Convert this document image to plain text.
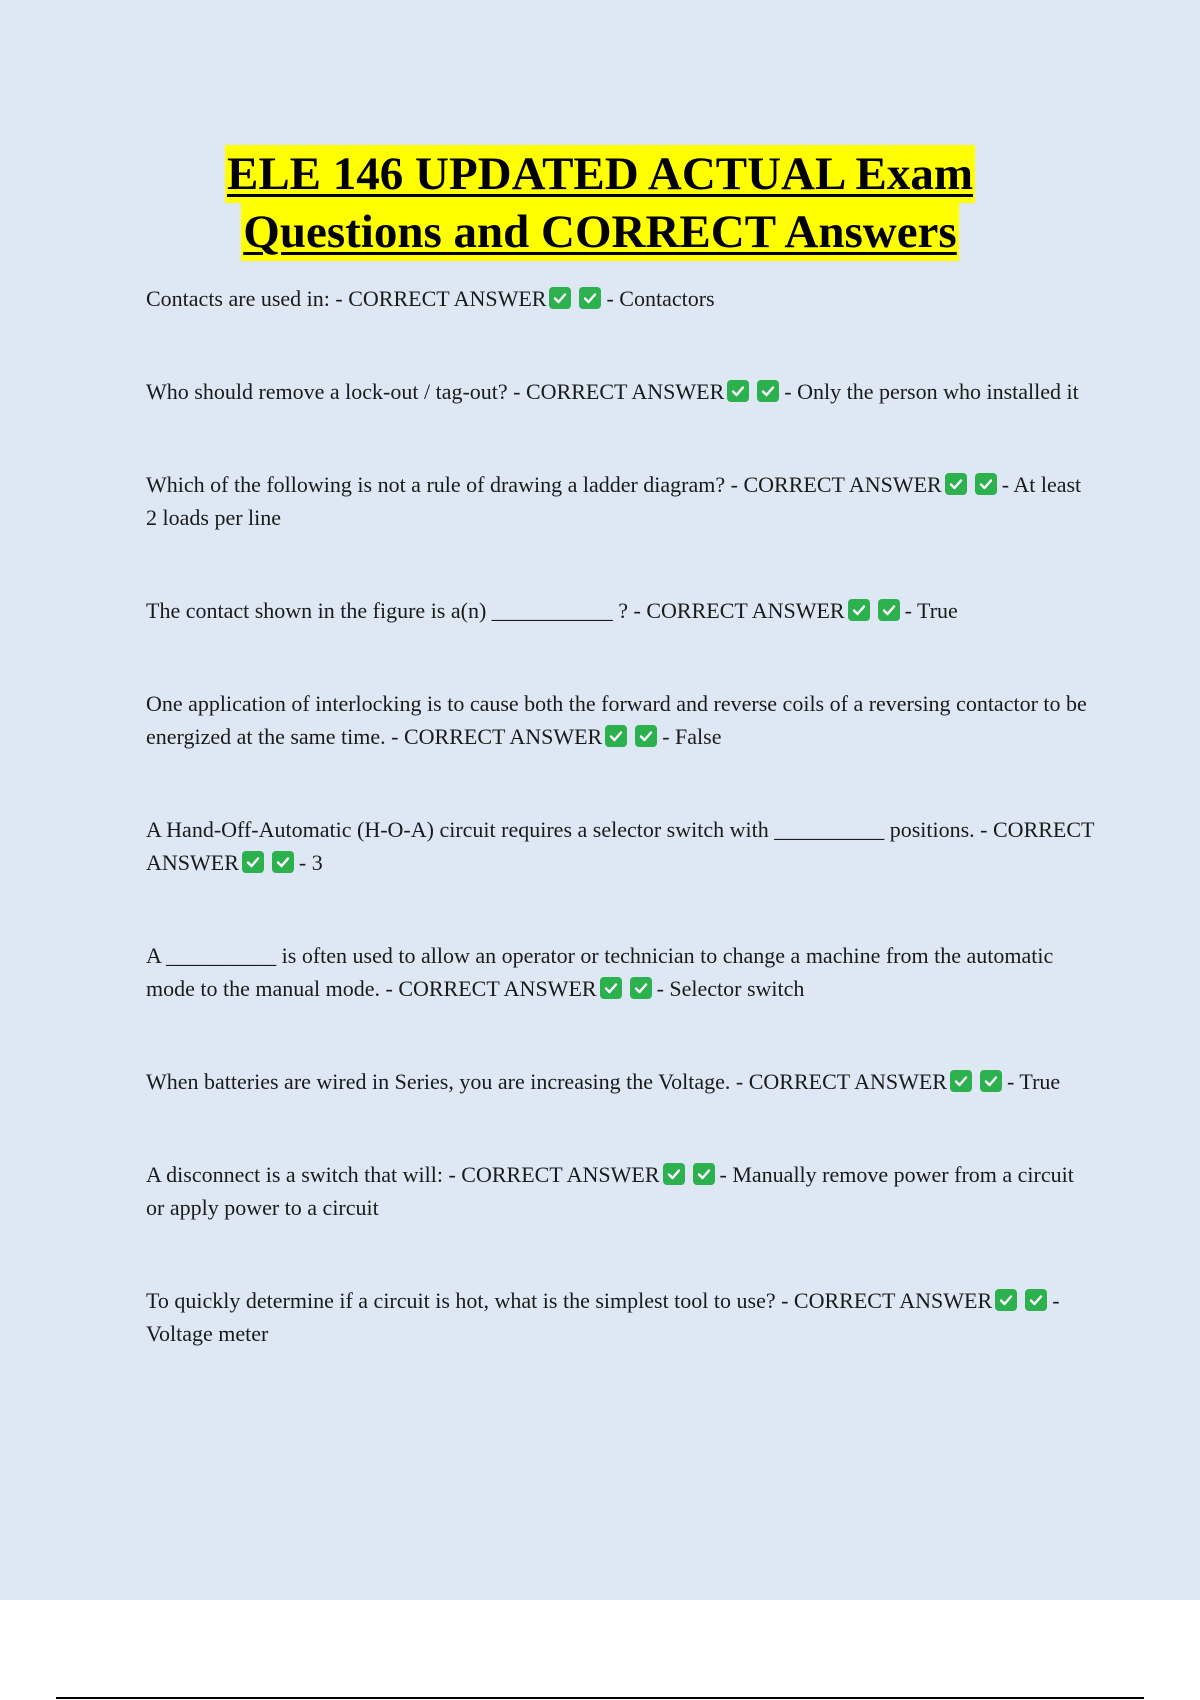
ELE 146 UPDATED ACTUAL Exam
Questions and CORRECT Answers
Contacts are used in: - CORRECT ANSWER	- Contactors
Who should remove a lock-out / tag-out? - CORRECT ANSWER	- Only the person who installed it
Which of the following is not a rule of drawing a ladder diagram? - CORRECT ANSWER	- At least 2 loads per line
The contact shown in the figure is a(n) ___________ ? - CORRECT ANSWER	- True
One application of interlocking is to cause both the forward and reverse coils of a reversing contactor to be energized at the same time. - CORRECT ANSWER	- False
A Hand-Off-Automatic (H-O-A) circuit requires a selector switch with __________ positions. - CORRECT ANSWER	- 3
A __________ is often used to allow an operator or technician to change a machine from the automatic mode to the manual mode. - CORRECT ANSWER	- Selector switch
When batteries are wired in Series, you are increasing the Voltage. - CORRECT ANSWER	- True
A disconnect is a switch that will: - CORRECT ANSWER	- Manually remove power from a circuit or apply power to a circuit
To quickly determine if a circuit is hot, what is the simplest tool to use? - CORRECT ANSWER	- Voltage meter
